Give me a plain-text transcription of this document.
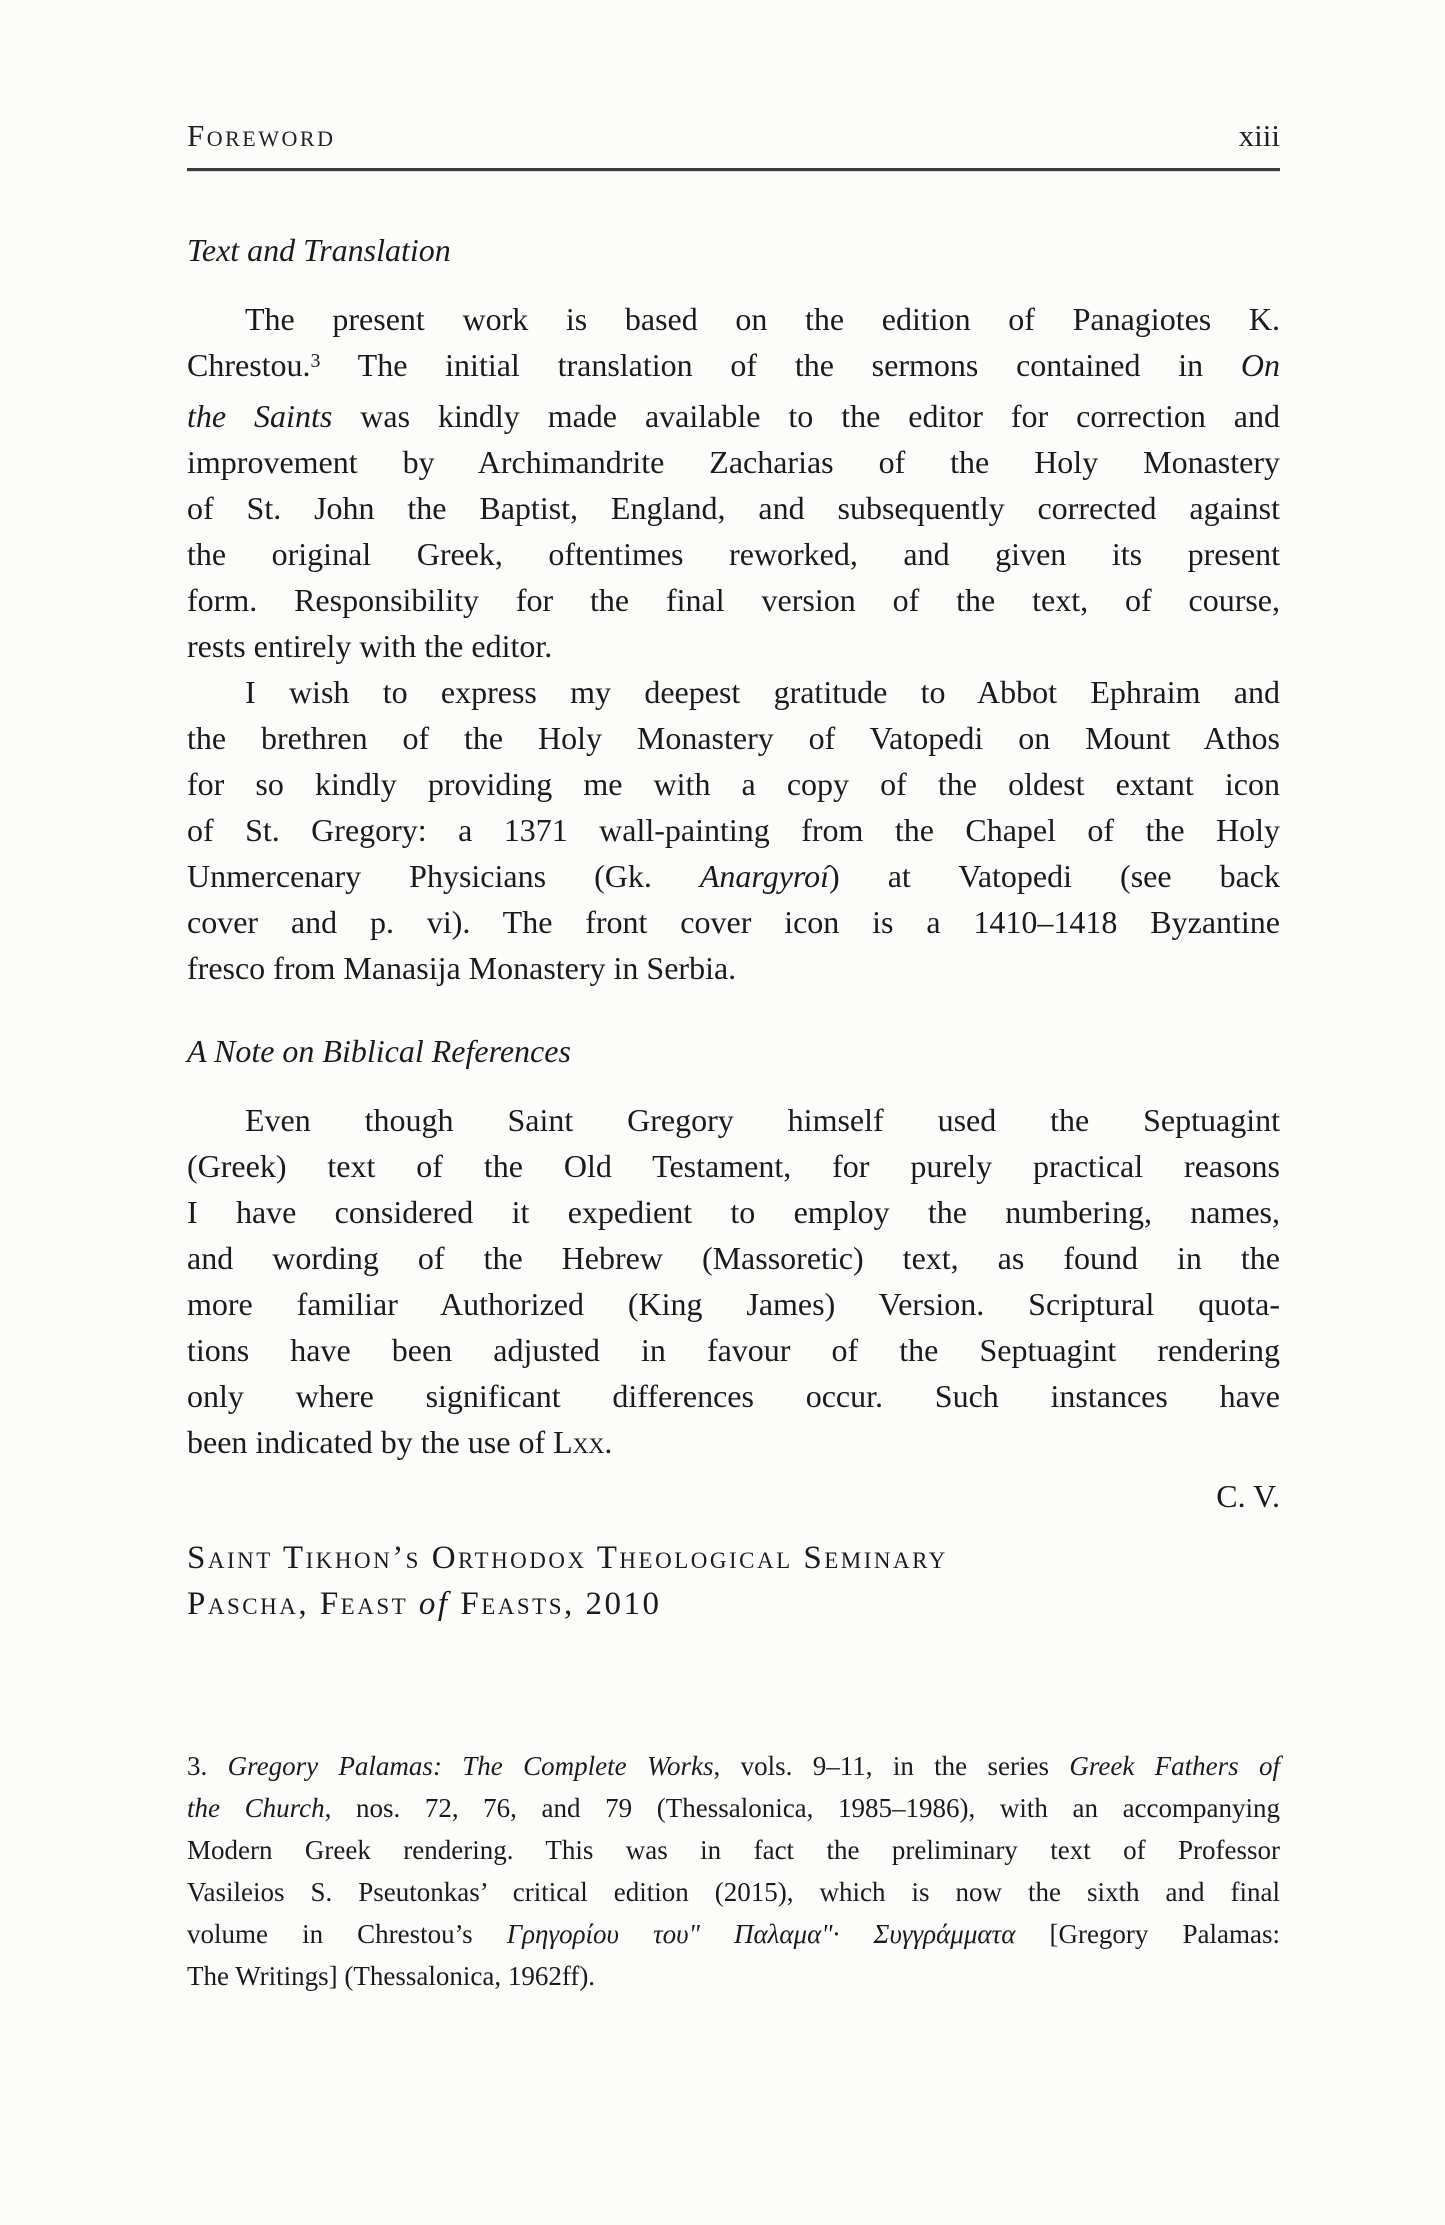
Foreword	xiii
Text and Translation
The present work is based on the edition of Panagiotes K.
Chrestou.$^3$ The initial translation of the sermons contained in On
the Saints was kindly made available to the editor for correction and
improvement by Archimandrite Zacharias of the Holy Monastery
of St. John the Baptist, England, and subsequently corrected against
the original Greek, oftentimes reworked, and given its present
form. Responsibility for the final version of the text, of course,
rests entirely with the editor.
I wish to express my deepest gratitude to Abbot Ephraim and
the brethren of the Holy Monastery of Vatopedi on Mount Athos
for so kindly providing me with a copy of the oldest extant icon
of St. Gregory: a 1371 wall-painting from the Chapel of the Holy
Unmercenary Physicians (Gk. Anargyroí) at Vatopedi (see back
cover and p. vi). The front cover icon is a 1410–1418 Byzantine
fresco from Manasija Monastery in Serbia.
A Note on Biblical References
Even though Saint Gregory himself used the Septuagint
(Greek) text of the Old Testament, for purely practical reasons
I have considered it expedient to employ the numbering, names,
and wording of the Hebrew (Massoretic) text, as found in the
more familiar Authorized (King James) Version. Scriptural quota-
tions have been adjusted in favour of the Septuagint rendering
only where significant differences occur. Such instances have
been indicated by the use of Lxx.
C. V.
Saint Tikhon’s Orthodox Theological Seminary
Pascha, Feast of Feasts, 2010
3. Gregory Palamas: The Complete Works, vols. 9–11, in the series Greek Fathers of
the Church, nos. 72, 76, and 79 (Thessalonica, 1985–1986), with an accompanying
Modern Greek rendering. This was in fact the preliminary text of Professor
Vasileios S. Pseutonkas’ critical edition (2015), which is now the sixth and final
volume in Chrestou’s Γρηγορίου του" Παλαμα"· Συγγράμματα [Gregory Palamas:
The Writings] (Thessalonica, 1962ff).
